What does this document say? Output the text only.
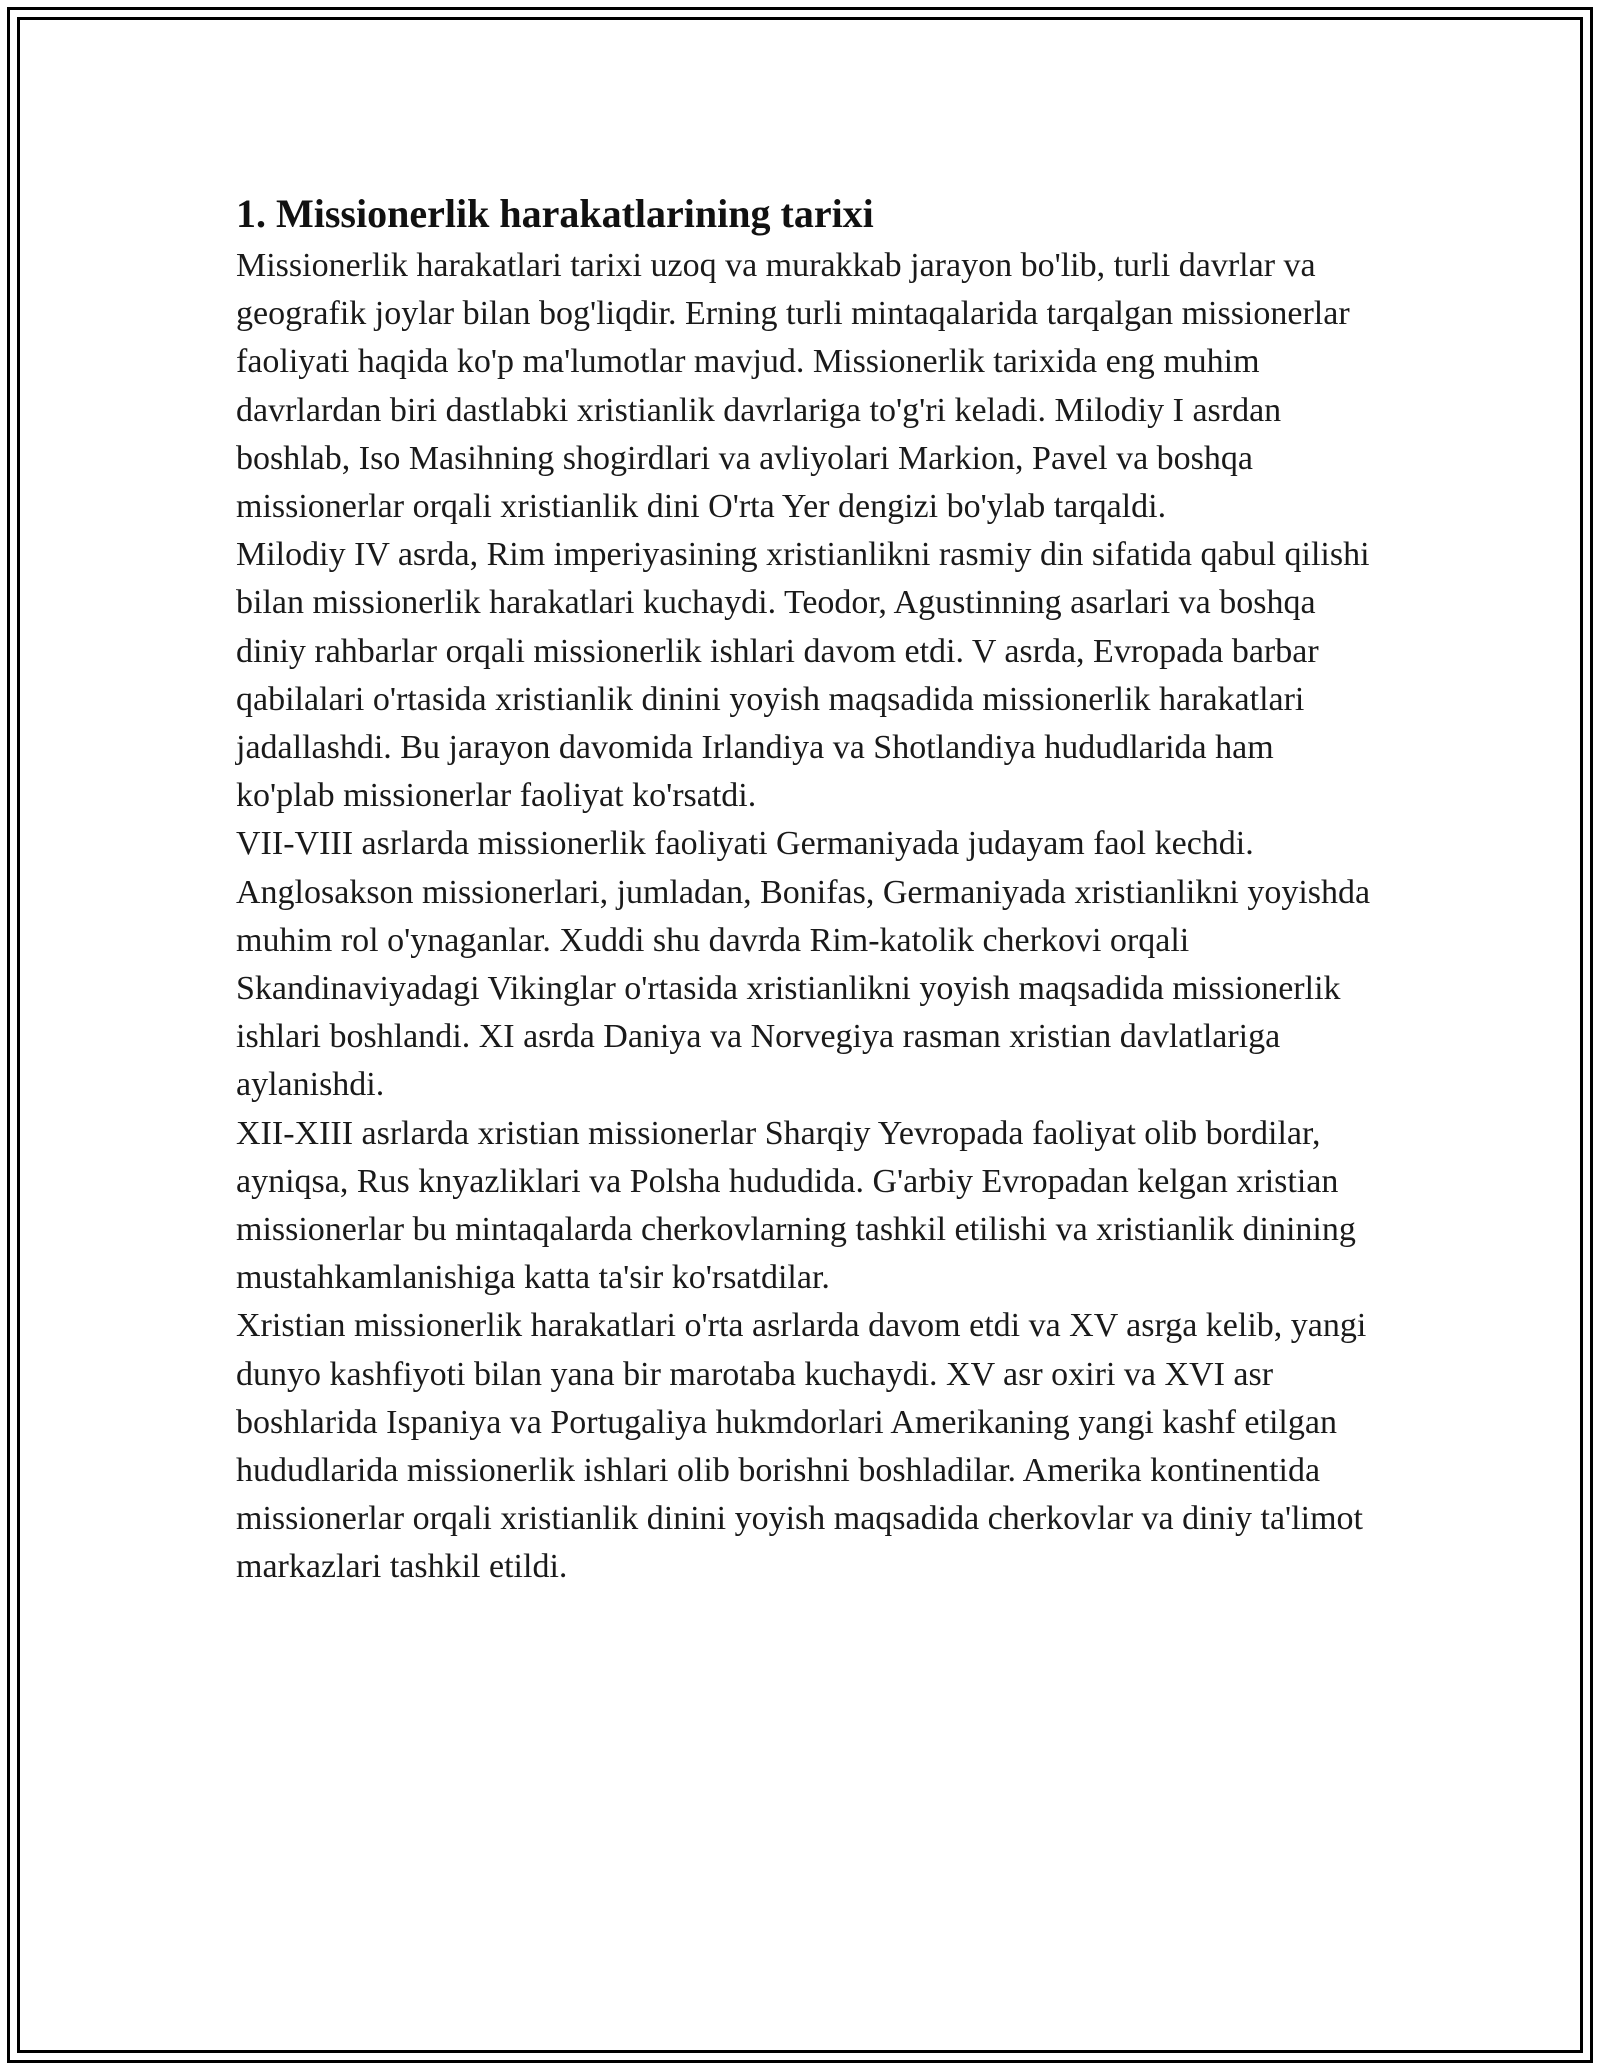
1. Missionerlik harakatlarining tarixi

Missionerlik harakatlari tarixi uzoq va murakkab jarayon bo'lib, turli davrlar va geografik joylar bilan bog'liqdir. Erning turli mintaqalarida tarqalgan missionerlar faoliyati haqida ko'p ma'lumotlar mavjud. Missionerlik tarixida eng muhim davrlardan biri dastlabki xristianlik davrlariga to'g'ri keladi. Milodiy I asrdan boshlab, Iso Masihning shogirdlari va avliyolari Markion, Pavel va boshqa missionerlar orqali xristianlik dini O'rta Yer dengizi bo'ylab tarqaldi.

Milodiy IV asrda, Rim imperiyasining xristianlikni rasmiy din sifatida qabul qilishi bilan missionerlik harakatlari kuchaydi. Teodor, Agustinning asarlari va boshqa diniy rahbarlar orqali missionerlik ishlari davom etdi. V asrda, Evropada barbar qabilalari o'rtasida xristianlik dinini yoyish maqsadida missionerlik harakatlari jadallashdi. Bu jarayon davomida Irlandiya va Shotlandiya hududlarida ham ko'plab missionerlar faoliyat ko'rsatdi.

VII-VIII asrlarda missionerlik faoliyati Germaniyada judayam faol kechdi. Anglosakson missionerlari, jumladan, Bonifas, Germaniyada xristianlikni yoyishda muhim rol o'ynaganlar. Xuddi shu davrda Rim-katolik cherkovi orqali Skandinaviyadagi Vikinglar o'rtasida xristianlikni yoyish maqsadida missionerlik ishlari boshlandi. XI asrda Daniya va Norvegiya rasman xristian davlatlariga aylanishdi.

XII-XIII asrlarda xristian missionerlar Sharqiy Yevropada faoliyat olib bordilar, ayniqsa, Rus knyazliklari va Polsha hududida. G'arbiy Evropadan kelgan xristian missionerlar bu mintaqalarda cherkovlarning tashkil etilishi va xristianlik dinining mustahkamlanishiga katta ta'sir ko'rsatdilar.

Xristian missionerlik harakatlari o'rta asrlarda davom etdi va XV asrga kelib, yangi dunyo kashfiyoti bilan yana bir marotaba kuchaydi. XV asr oxiri va XVI asr boshlarida Ispaniya va Portugaliya hukmdorlari Amerikaning yangi kashf etilgan hududlarida missionerlik ishlari olib borishni boshladilar. Amerika kontinentida missionerlar orqali xristianlik dinini yoyish maqsadida cherkovlar va diniy ta'limot markazlari tashkil etildi.
